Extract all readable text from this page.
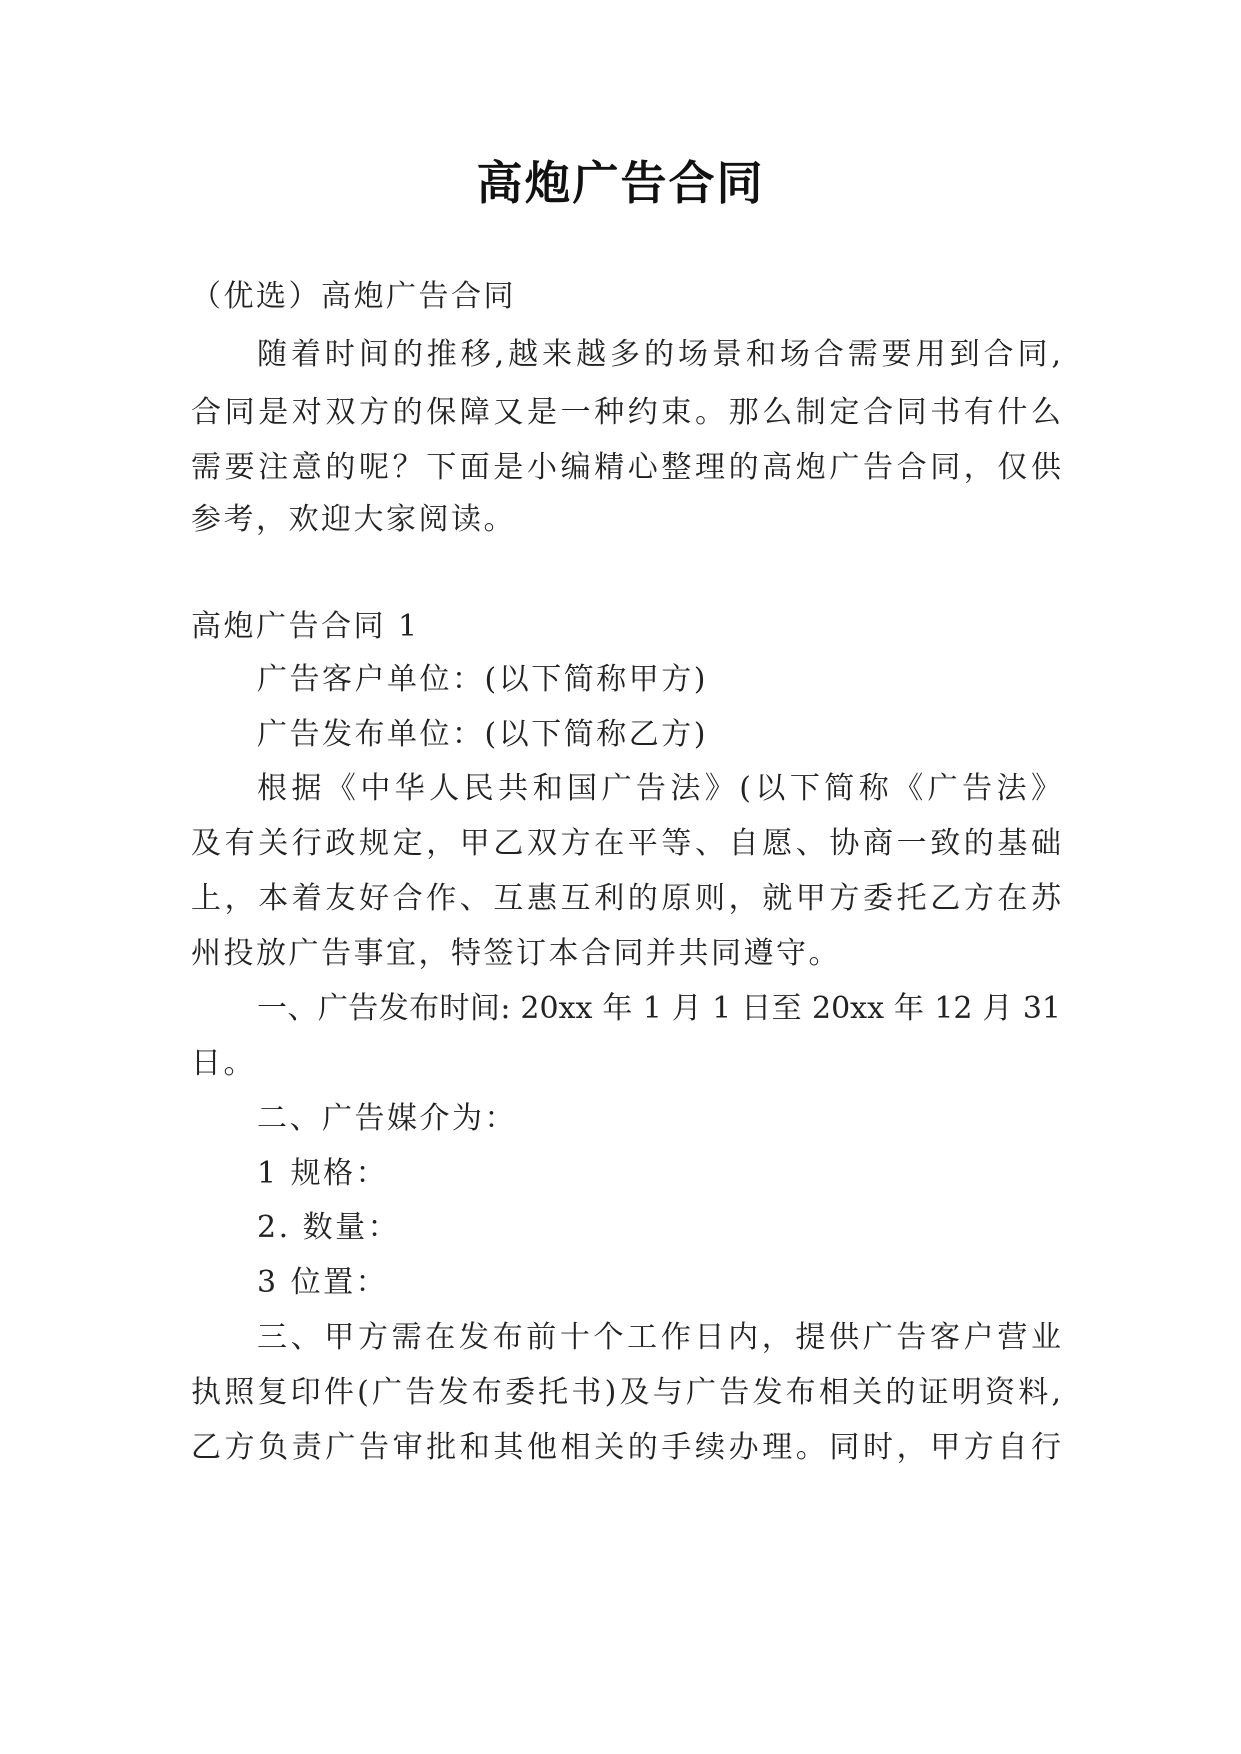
高炮广告合同
（优选）高炮广告合同
随着时间的推移,越来越多的场景和场合需要用到合同,
合同是对双方的保障又是一种约束。那么制定合同书有什么
需要注意的呢？下面是小编精心整理的高炮广告合同，仅供
参考，欢迎大家阅读。
高炮广告合同 1
广告客户单位：(以下简称甲方)
广告发布单位：(以下简称乙方)
根据《中华人民共和国广告法》(以下简称《广告法》
及有关行政规定，甲乙双方在平等、自愿、协商一致的基础
上，本着友好合作、互惠互利的原则，就甲方委托乙方在苏
州投放广告事宜，特签订本合同并共同遵守。
一、广告发布时间: 20xx 年 1 月 1 日至 20xx 年 12 月 31
日。
二、广告媒介为：
1 规格：
2. 数量：
3 位置：
三、甲方需在发布前十个工作日内，提供广告客户营业
执照复印件(广告发布委托书)及与广告发布相关的证明资料,
乙方负责广告审批和其他相关的手续办理。同时，甲方自行
